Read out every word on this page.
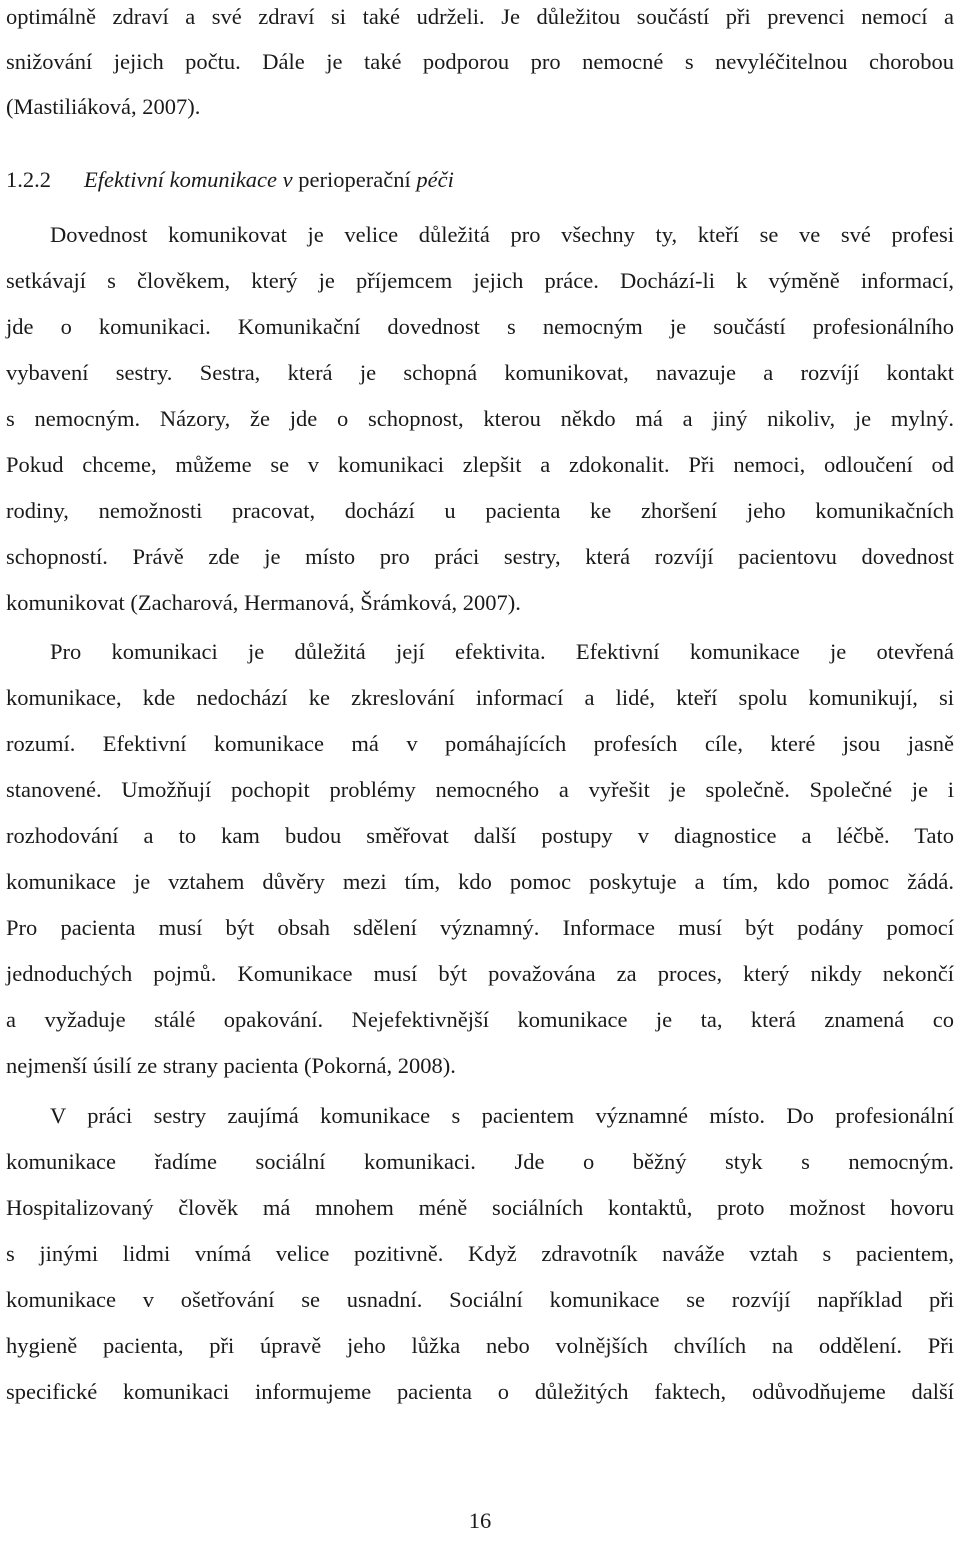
optimálně zdraví a své zdraví si také udrželi. Je důležitou součástí při prevenci nemocí a
snižování jejich počtu. Dále je také podporou pro nemocné s nevyléčitelnou chorobou
(Mastiliáková, 2007).
1.2.2 Efektivní komunikace v perioperační péči
Dovednost komunikovat je velice důležitá pro všechny ty, kteří se ve své profesi
setkávají s člověkem, který je příjemcem jejich práce. Dochází-li k výměně informací,
jde o komunikaci. Komunikační dovednost s nemocným je součástí profesionálního
vybavení sestry. Sestra, která je schopná komunikovat, navazuje a rozvíjí kontakt
s nemocným. Názory, že jde o schopnost, kterou někdo má a jiný nikoliv, je mylný.
Pokud chceme, můžeme se v komunikaci zlepšit a zdokonalit. Při nemoci, odloučení od
rodiny, nemožnosti pracovat, dochází u pacienta ke zhoršení jeho komunikačních
schopností. Právě zde je místo pro práci sestry, která rozvíjí pacientovu dovednost
komunikovat (Zacharová, Hermanová, Šrámková, 2007).
Pro komunikaci je důležitá její efektivita. Efektivní komunikace je otevřená
komunikace, kde nedochází ke zkreslování informací a lidé, kteří spolu komunikují, si
rozumí. Efektivní komunikace má v pomáhajících profesích cíle, které jsou jasně
stanovené. Umožňují pochopit problémy nemocného a vyřešit je společně. Společné je i
rozhodování a to kam budou směřovat další postupy v diagnostice a léčbě. Tato
komunikace je vztahem důvěry mezi tím, kdo pomoc poskytuje a tím, kdo pomoc žádá.
Pro pacienta musí být obsah sdělení významný. Informace musí být podány pomocí
jednoduchých pojmů. Komunikace musí být považována za proces, který nikdy nekončí
a vyžaduje stálé opakování. Nejefektivnější komunikace je ta, která znamená co
nejmenší úsilí ze strany pacienta (Pokorná, 2008).
V práci sestry zaujímá komunikace s pacientem významné místo. Do profesionální
komunikace řadíme sociální komunikaci. Jde o běžný styk s nemocným.
Hospitalizovaný člověk má mnohem méně sociálních kontaktů, proto možnost hovoru
s jinými lidmi vnímá velice pozitivně. Když zdravotník naváže vztah s pacientem,
komunikace v ošetřování se usnadní. Sociální komunikace se rozvíjí například při
hygieně pacienta, při úpravě jeho lůžka nebo volnějších chvílích na oddělení. Při
specifické komunikaci informujeme pacienta o důležitých faktech, odůvodňujeme další
16
